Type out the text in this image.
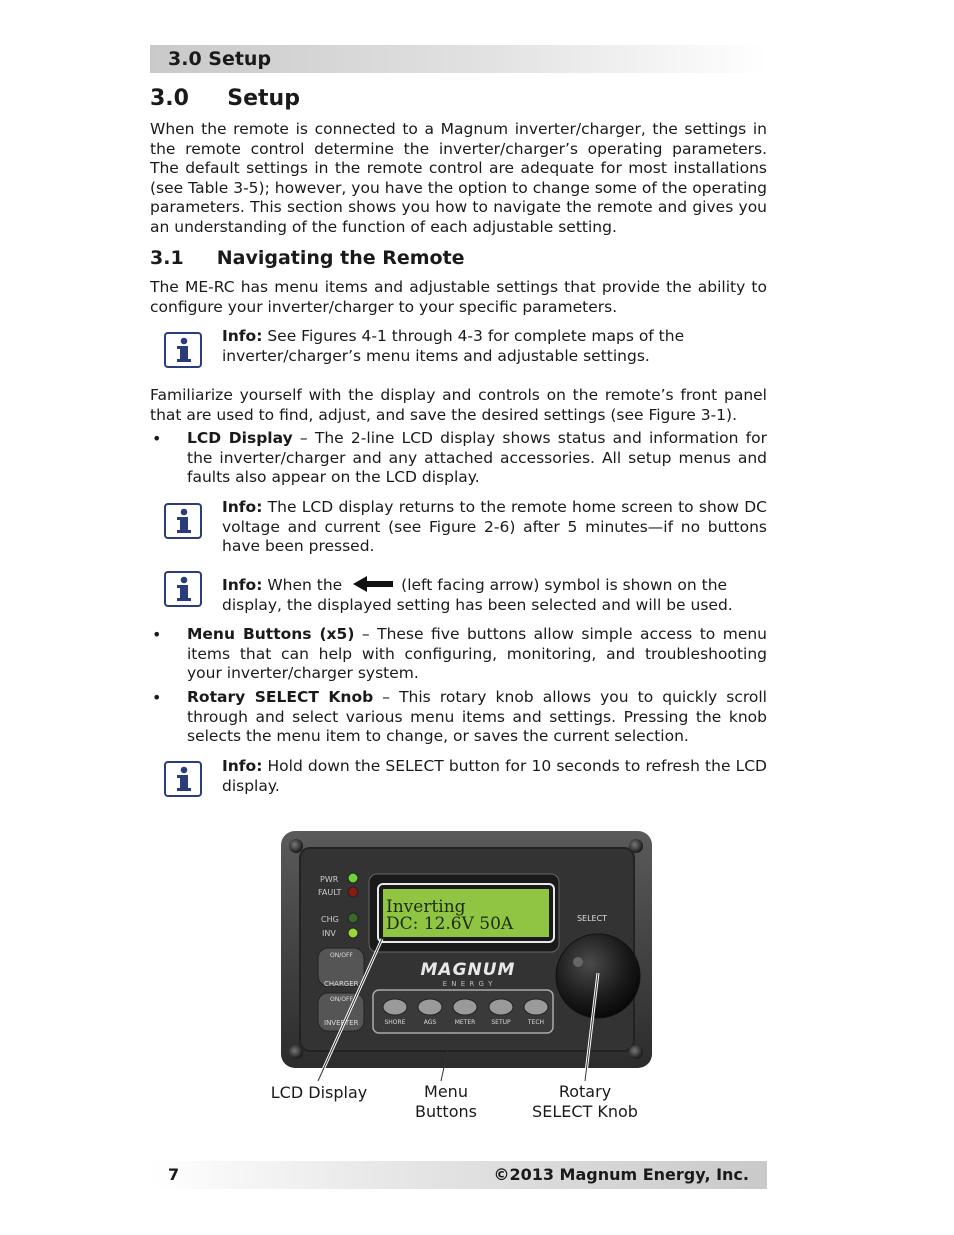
3.0 Setup
3.0     Setup

When the remote is connected to a Magnum inverter/charger, the settings in the remote control determine the inverter/charger’s operating parameters. The default settings in the remote control are adequate for most installations (see Table 3-5); however, you have the option to change some of the operating parameters. This section shows you how to navigate the remote and gives you an understanding of the function of each adjustable setting.

3.1     Navigating the Remote

The ME-RC has menu items and adjustable settings that provide the ability to configure your inverter/charger to your specific parameters.

Info: See Figures 4-1 through 4-3 for complete maps of the inverter/charger’s menu items and adjustable settings.

Familiarize yourself with the display and controls on the remote’s front panel that are used to find, adjust, and save the desired settings (see Figure 3-1).

• LCD Display – The 2-line LCD display shows status and information for the inverter/charger and any attached accessories. All setup menus and faults also appear on the LCD display.

Info: The LCD display returns to the remote home screen to show DC voltage and current (see Figure 2-6) after 5 minutes—if no buttons have been pressed.

Info: When the	(left facing arrow) symbol is shown on the display, the displayed setting has been selected and will be used.

• Menu Buttons (x5) – These five buttons allow simple access to menu items that can help with configuring, monitoring, and troubleshooting your inverter/charger system.

• Rotary SELECT Knob – This rotary knob allows you to quickly scroll through and select various menu items and settings. Pressing the knob selects the menu item to change, or saves the current selection.

Info: Hold down the SELECT button for 10 seconds to refresh the LCD display.

PWR
FAULT
CHG
INV
ON/OFF
CHARGER
ON/OFF
INVERTER
Inverting
DC: 12.6V 50A
MAGNUM
E N E R G Y
SHORE	AGS	METER	SETUP	TECH
SELECT
LCD Display	Menu
Buttons
Rotary
SELECT Knob
7	©2013 Magnum Energy, Inc.
